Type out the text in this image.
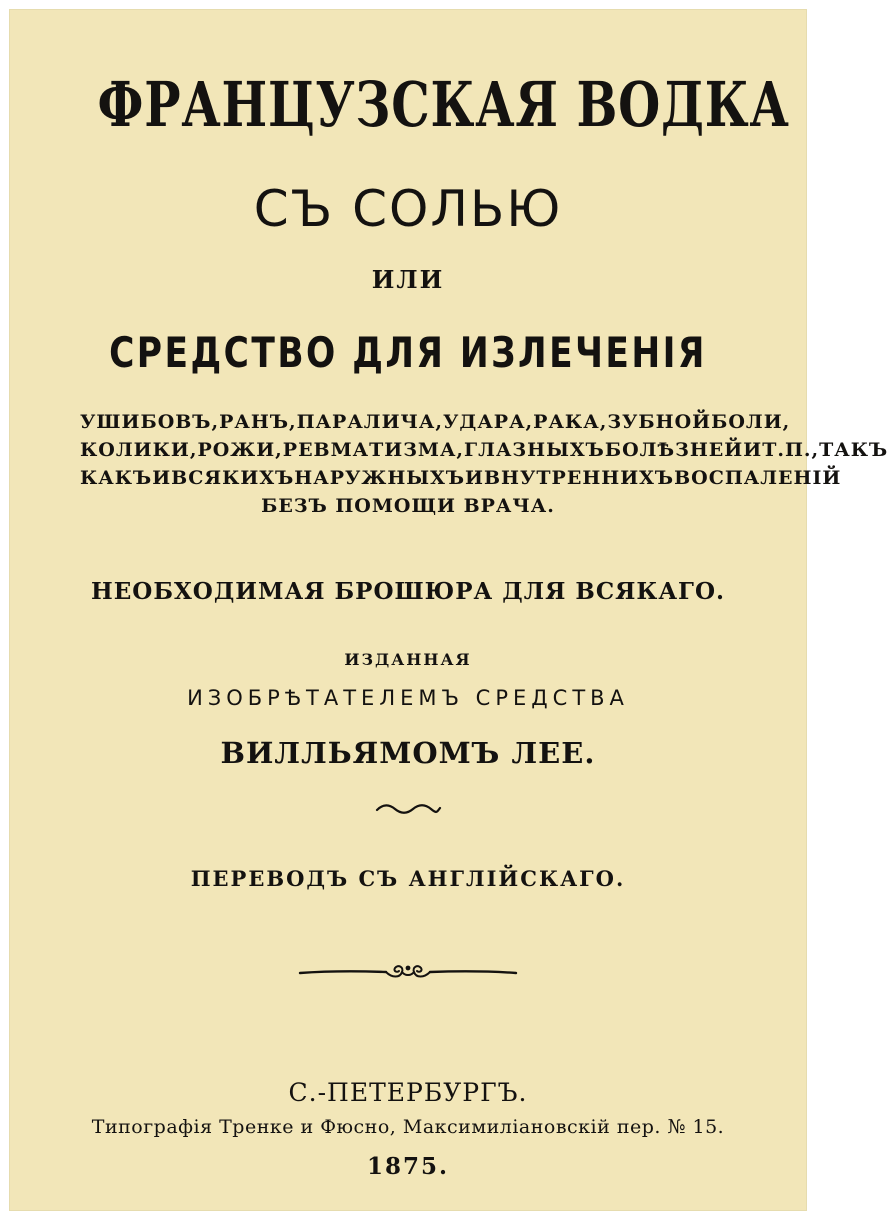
ФРАНЦУЗСКАЯ ВОДКА
СЪ СОЛЬЮ
ИЛИ
СРЕДСТВО ДЛЯ ИЗЛЕЧЕНІЯ
УШИБОВЪ, РАНЪ, ПАРАЛИЧА, УДАРА, РАКА, ЗУБНОЙ БОЛИ,
КОЛИКИ, РОЖИ, РЕВМАТИЗМА, ГЛАЗНЫХЪ БОЛѢЗНЕЙ И Т. П., ТАКЪ
КАКЪ И ВСЯКИХЪ НАРУЖНЫХЪ И ВНУТРЕННИХЪ ВОСПАЛЕНІЙ
БЕЗЪ ПОМОЩИ ВРАЧА.
НЕОБХОДИМАЯ БРОШЮРА ДЛЯ ВСЯКАГО.
ИЗДАННАЯ
ИЗОБРѢТАТЕЛЕМЪ СРЕДСТВА
ВИЛЛЬЯМОМЪ ЛЕЕ.
ПЕРЕВОДЪ СЪ АНГЛІЙСКАГО.
С.-ПЕТЕРБУРГЪ.
Типографія Тренке и Фюсно, Максимиліановскій пер. № 15.
1875.
